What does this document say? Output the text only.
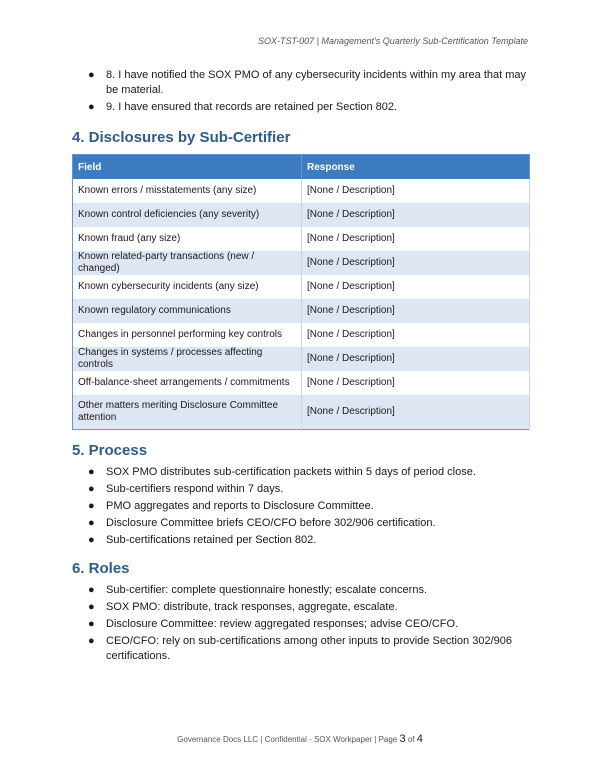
SOX-TST-007 | Management's Quarterly Sub-Certification Template
● 8. I have notified the SOX PMO of any cybersecurity incidents within my area that may be material.
● 9. I have ensured that records are retained per Section 802.
4. Disclosures by Sub-Certifier
Field	Response
Known errors / misstatements (any size)	[None / Description]
Known control deficiencies (any severity)	[None / Description]
Known fraud (any size)	[None / Description]
Known related-party transactions (new / changed)	[None / Description]
Known cybersecurity incidents (any size)	[None / Description]
Known regulatory communications	[None / Description]
Changes in personnel performing key controls	[None / Description]
Changes in systems / processes affecting controls	[None / Description]
Off-balance-sheet arrangements / commitments	[None / Description]
Other matters meriting Disclosure Committee attention	[None / Description]
5. Process
● SOX PMO distributes sub-certification packets within 5 days of period close.
● Sub-certifiers respond within 7 days.
● PMO aggregates and reports to Disclosure Committee.
● Disclosure Committee briefs CEO/CFO before 302/906 certification.
● Sub-certifications retained per Section 802.
6. Roles
● Sub-certifier: complete questionnaire honestly; escalate concerns.
● SOX PMO: distribute, track responses, aggregate, escalate.
● Disclosure Committee: review aggregated responses; advise CEO/CFO.
● CEO/CFO: rely on sub-certifications among other inputs to provide Section 302/906 certifications.
Governance Docs LLC | Confidential - SOX Workpaper | Page 3 of 4
